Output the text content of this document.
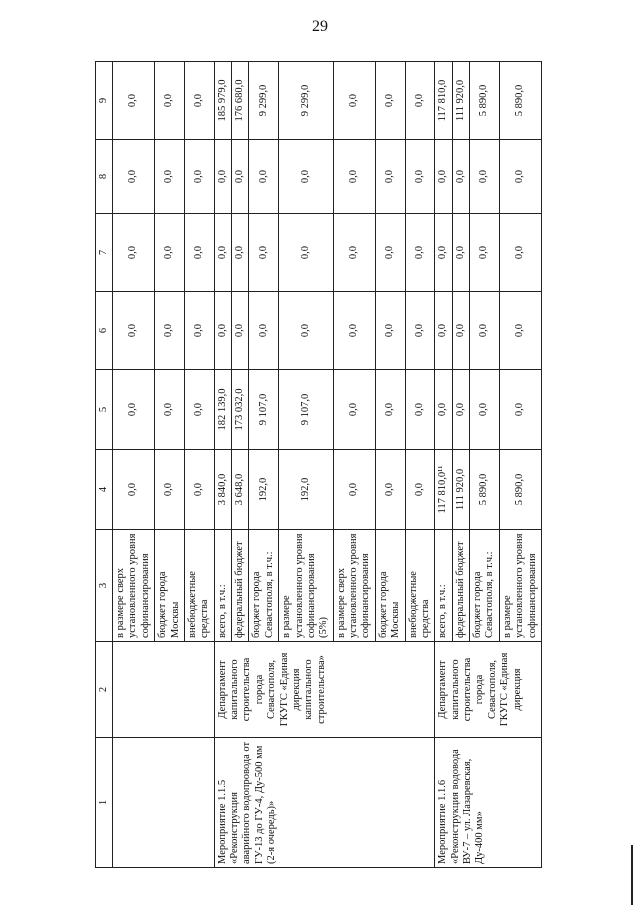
29
1	2	3	4	5	6	7	8	9
		в размере сверх установленного уровня софинансирования	0,0	0,0	0,0	0,0	0,0	0,0
		бюджет города Москвы	0,0	0,0	0,0	0,0	0,0	0,0
		внебюджетные средства	0,0	0,0	0,0	0,0	0,0	0,0
Мероприятие 1.1.5 «Реконструкция аварийного водопровода от ГУ-13 до ГУ-4, Ду-500 мм (2-я очередь)»	Департамент капитального строительства города Севастополя, ГКУГС «Единая дирекция капитального строительства»	всего, в т.ч.:	3 840,0	182 139,0	0,0	0,0	0,0	185 979,0
		федеральный бюджет	3 648,0	173 032,0	0,0	0,0	0,0	176 680,0
		бюджет города Севастополя, в т.ч.:	192,0	9 107,0	0,0	0,0	0,0	9 299,0
		в размере установленного уровня софинансирования (5%)	192,0	9 107,0	0,0	0,0	0,0	9 299,0
		в размере сверх установленного уровня софинансирования	0,0	0,0	0,0	0,0	0,0	0,0
		бюджет города Москвы	0,0	0,0	0,0	0,0	0,0	0,0
		внебюджетные средства	0,0	0,0	0,0	0,0	0,0	0,0
Мероприятие 1.1.6 «Реконструкция водовода ВУ-7 – ул. Лазаревская, Ду-400 мм»	Департамент капитального строительства города Севастополя, ГКУГС «Единая дирекция	всего, в т.ч.:	117 810,0¹¹	0,0	0,0	0,0	0,0	117 810,0
		федеральный бюджет	111 920,0	0,0	0,0	0,0	0,0	111 920,0
		бюджет города Севастополя, в т.ч.:	5 890,0	0,0	0,0	0,0	0,0	5 890,0
		в размере установленного уровня софинансирования	5 890,0	0,0	0,0	0,0	0,0	5 890,0
